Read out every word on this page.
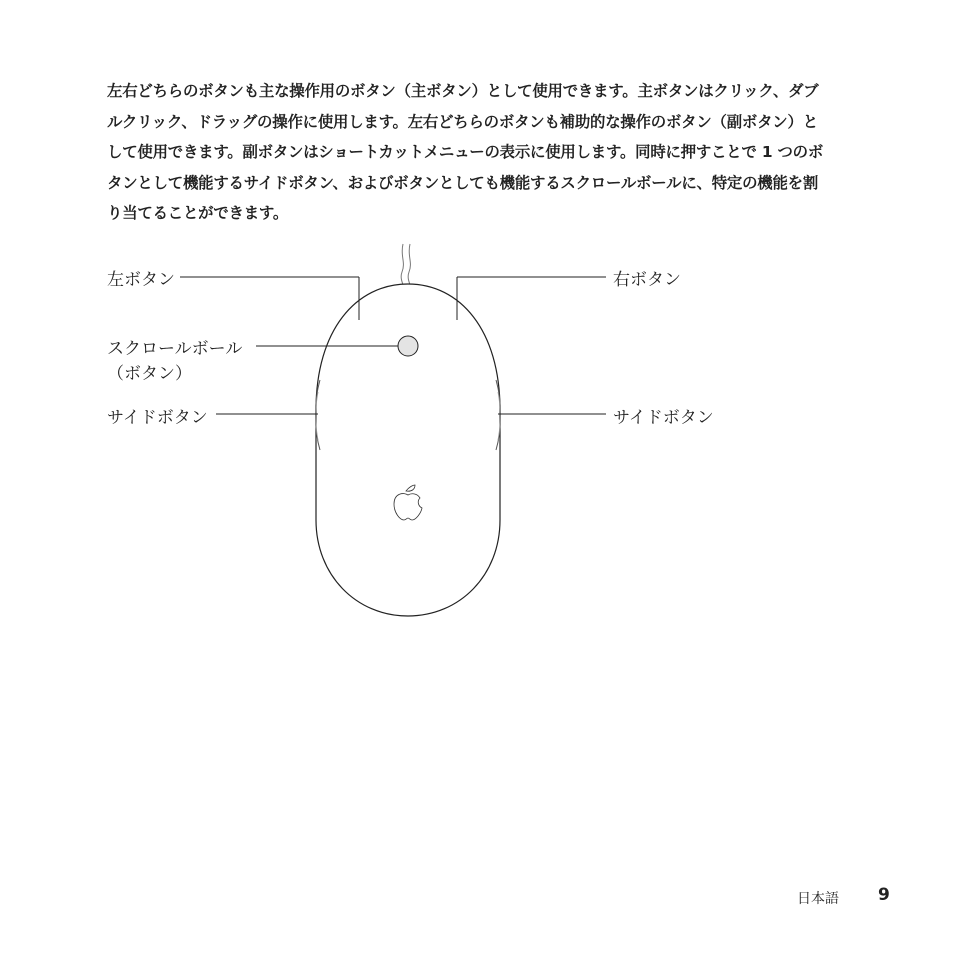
左右どちらのボタンも主な操作用のボタン（主ボタン）として使用できます。主ボタンはクリック、ダブ
ルクリック、ドラッグの操作に使用します。左右どちらのボタンも補助的な操作のボタン（副ボタン）と
して使用できます。副ボタンはショートカットメニューの表示に使用します。同時に押すことで 1 つのボ
タンとして機能するサイドボタン、およびボタンとしても機能するスクロールボールに、特定の機能を割
り当てることができます。

左ボタン	右ボタン
スクロールボール
（ボタン）
サイドボタン	サイドボタン
日本語 9
